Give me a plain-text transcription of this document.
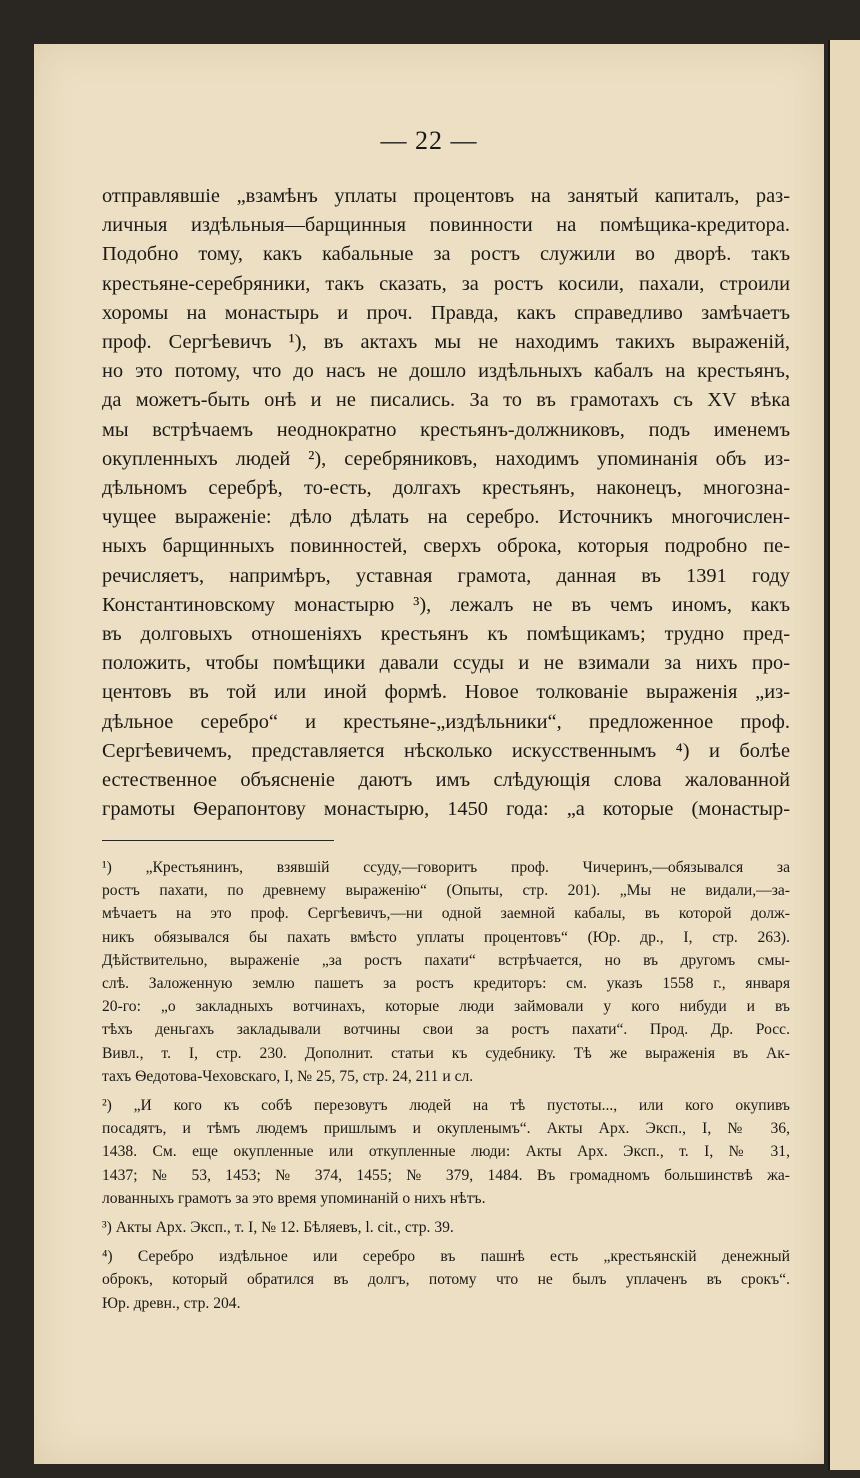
— 22 —
отправлявшіе „взамѣнъ уплаты процентовъ на занятый капиталъ, раз-
личныя издѣльныя—барщинныя повинности на помѣщика-кредитора.
Подобно тому, какъ кабальные за ростъ служили во дворѣ. такъ
крестьяне-серебряники, такъ сказать, за ростъ косили, пахали, строили
хоромы на монастырь и проч. Правда, какъ справедливо замѣчаетъ
проф. Сергѣевичъ ¹), въ актахъ мы не находимъ такихъ выраженій,
но это потому, что до насъ не дошло издѣльныхъ кабалъ на крестьянъ,
да можетъ-быть онѣ и не писались. За то въ грамотахъ съ XV вѣка
мы встрѣчаемъ неоднократно крестьянъ-должниковъ, подъ именемъ
окупленныхъ людей ²), серебряниковъ, находимъ упоминанія объ из-
дѣльномъ серебрѣ, то-есть, долгахъ крестьянъ, наконецъ, многозна-
чущее выраженіе: дѣло дѣлать на серебро. Источникъ многочислен-
ныхъ барщинныхъ повинностей, сверхъ оброка, которыя подробно пе-
речисляетъ, напримѣръ, уставная грамота, данная въ 1391 году
Константиновскому монастырю ³), лежалъ не въ чемъ иномъ, какъ
въ долговыхъ отношеніяхъ крестьянъ къ помѣщикамъ; трудно пред-
положить, чтобы помѣщики давали ссуды и не взимали за нихъ про-
центовъ въ той или иной формѣ. Новое толкованіе выраженія „из-
дѣльное серебро“ и крестьяне-„издѣльники“, предложенное проф.
Сергѣевичемъ, представляется нѣсколько искусственнымъ ⁴) и болѣе
естественное объясненіе даютъ имъ слѣдующія слова жалованной
грамоты Ѳерапонтову монастырю, 1450 года: „а которые (монастыр-
¹) „Крестьянинъ, взявшій ссуду,—говоритъ проф. Чичеринъ,—обязывался за
ростъ пахати, по древнему выраженію“ (Опыты, стр. 201). „Мы не видали,—за-
мѣчаетъ на это проф. Сергѣевичъ,—ни одной заемной кабалы, въ которой долж-
никъ обязывался бы пахать вмѣсто уплаты процентовъ“ (Юр. др., I, стр. 263).
Дѣйствительно, выраженіе „за ростъ пахати“ встрѣчается, но въ другомъ смы-
слѣ. Заложенную землю пашетъ за ростъ кредиторъ: см. указъ 1558 г., января
20-го: „о закладныхъ вотчинахъ, которые люди займовали у кого нибуди и въ
тѣхъ деньгахъ закладывали вотчины свои за ростъ пахати“. Прод. Др. Росс.
Вивл., т. I, стр. 230. Дополнит. статьи къ судебнику. Тѣ же выраженія въ Ак-
тахъ Ѳедотова-Чеховскаго, I, № 25, 75, стр. 24, 211 и сл.
²) „И кого къ собѣ перезовутъ людей на тѣ пустоты..., или кого окупивъ
посадятъ, и тѣмъ людемъ пришлымъ и окупленымъ“. Акты Арх. Эксп., I, № 36,
1438. См. еще окупленные или откупленные люди: Акты Арх. Эксп., т. I, № 31,
1437; № 53, 1453; № 374, 1455; № 379, 1484. Въ громадномъ большинствѣ жа-
лованныхъ грамотъ за это время упоминаній о нихъ нѣтъ.
³) Акты Арх. Эксп., т. I, № 12. Бѣляевъ, l. cit., стр. 39.
⁴) Серебро издѣльное или серебро въ пашнѣ есть „крестьянскій денежный
оброкъ, который обратился въ долгъ, потому что не былъ уплаченъ въ срокъ“.
Юр. древн., стр. 204.
